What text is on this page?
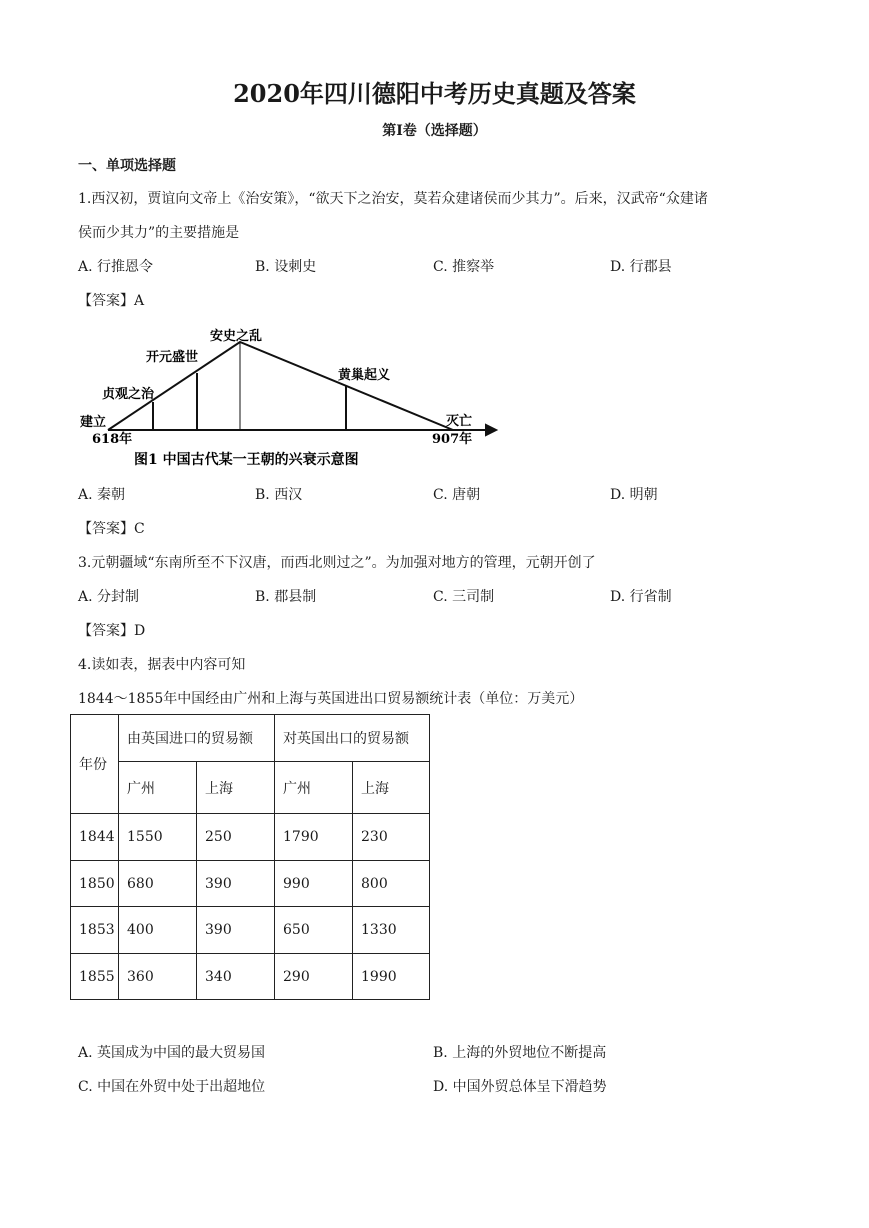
2020年四川德阳中考历史真题及答案
第Ⅰ卷（选择题）
一、单项选择题
1.西汉初，贾谊向文帝上《治安策》，“欲天下之治安，莫若众建诸侯而少其力”。后来，汉武帝“众建诸
侯而少其力”的主要措施是
A. 行推恩令	B. 设刺史	C. 推察举	D. 行郡县
【答案】A
建立
618年
贞观之治
开元盛世
安史之乱
黄巢起义
灭亡
907年
图1 中国古代某一王朝的兴衰示意图
A. 秦朝	B. 西汉	C. 唐朝	D. 明朝
【答案】C
3.元朝疆域“东南所至不下汉唐，而西北则过之”。为加强对地方的管理，元朝开创了
A. 分封制	B. 郡县制	C. 三司制	D. 行省制
【答案】D
4.读如表，据表中内容可知
1844～1855年中国经由广州和上海与英国进出口贸易额统计表（单位：万美元）
年份	由英国进口的贸易额		对英国出口的贸易额	
	广州	上海	广州	上海
1844	1550	250	1790	230
1850	680	390	990	800
1853	400	390	650	1330
1855	360	340	290	1990
A. 英国成为中国的最大贸易国	B. 上海的外贸地位不断提高
C. 中国在外贸中处于出超地位	D. 中国外贸总体呈下滑趋势
